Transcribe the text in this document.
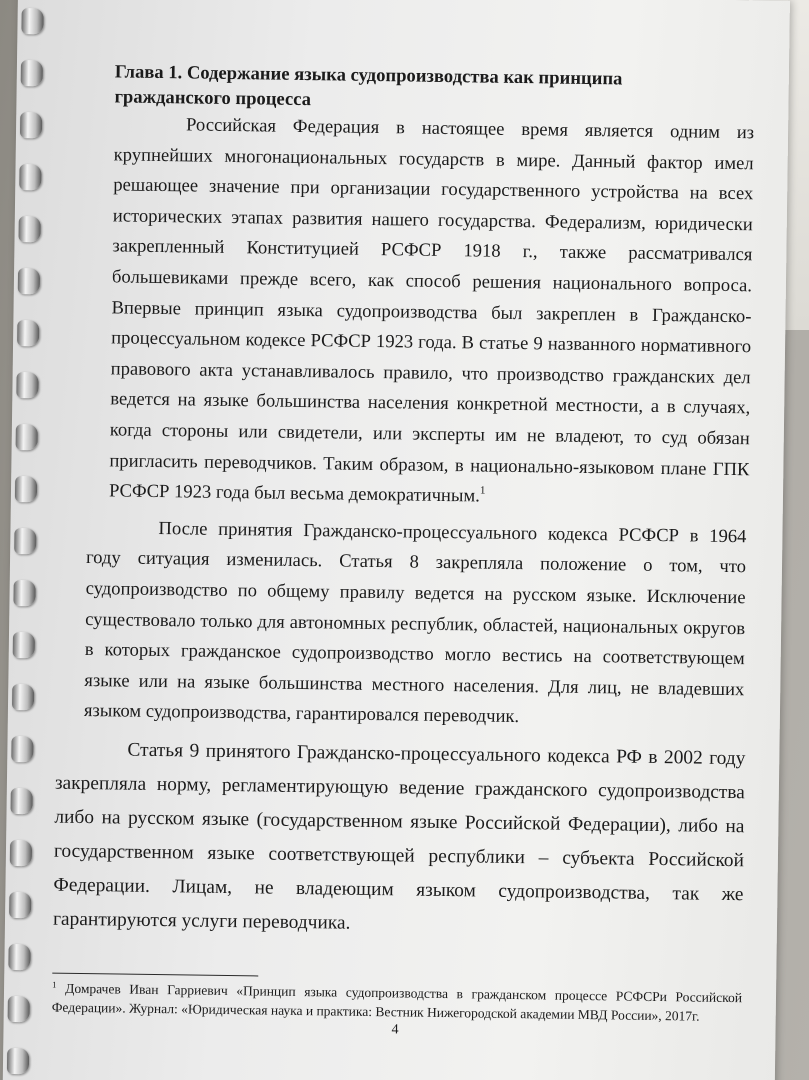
Глава 1. Содержание языка судопроизводства как принципа
гражданского процесса

Российская Федерация в настоящее время является одним из крупнейших многонациональных государств в мире. Данный фактор имел решающее значение при организации государственного устройства на всех исторических этапах развития нашего государства. Федерализм, юридически закрепленный Конституцией РСФСР 1918 г., также рассматривался большевиками прежде всего, как способ решения национального вопроса. Впервые принцип языка судопроизводства был закреплен в Гражданско-процессуальном кодексе РСФСР 1923 года. В статье 9 названного нормативного правового акта устанавливалось правило, что производство гражданских дел ведется на языке большинства населения конкретной местности, а в случаях, когда стороны или свидетели, или эксперты им не владеют, то суд обязан пригласить переводчиков. Таким образом, в национально-языковом плане ГПК РСФСР 1923 года был весьма демократичным.$^1$

После принятия Гражданско-процессуального кодекса РСФСР в 1964 году ситуация изменилась. Статья 8 закрепляла положение о том, что судопроизводство по общему правилу ведется на русском языке. Исключение существовало только для автономных республик, областей, национальных округов в которых гражданское судопроизводство могло вестись на соответствующем языке или на языке большинства местного населения. Для лиц, не владевших языком судопроизводства, гарантировался переводчик.

Статья 9 принятого Гражданско-процессуального кодекса РФ в 2002 году закрепляла норму, регламентирующую ведение гражданского судопроизводства либо на русском языке (государственном языке Российской Федерации), либо на государственном языке соответствующей республики – субъекта Российской Федерации. Лицам, не владеющим языком судопроизводства, так же гарантируются услуги переводчика.

$^1$ Домрачев Иван Гарриевич «Принцип языка судопроизводства в гражданском процессе РСФСРи Российской Федерации». Журнал: «Юридическая наука и практика: Вестник Нижегородской академии МВД России», 2017г.
4
